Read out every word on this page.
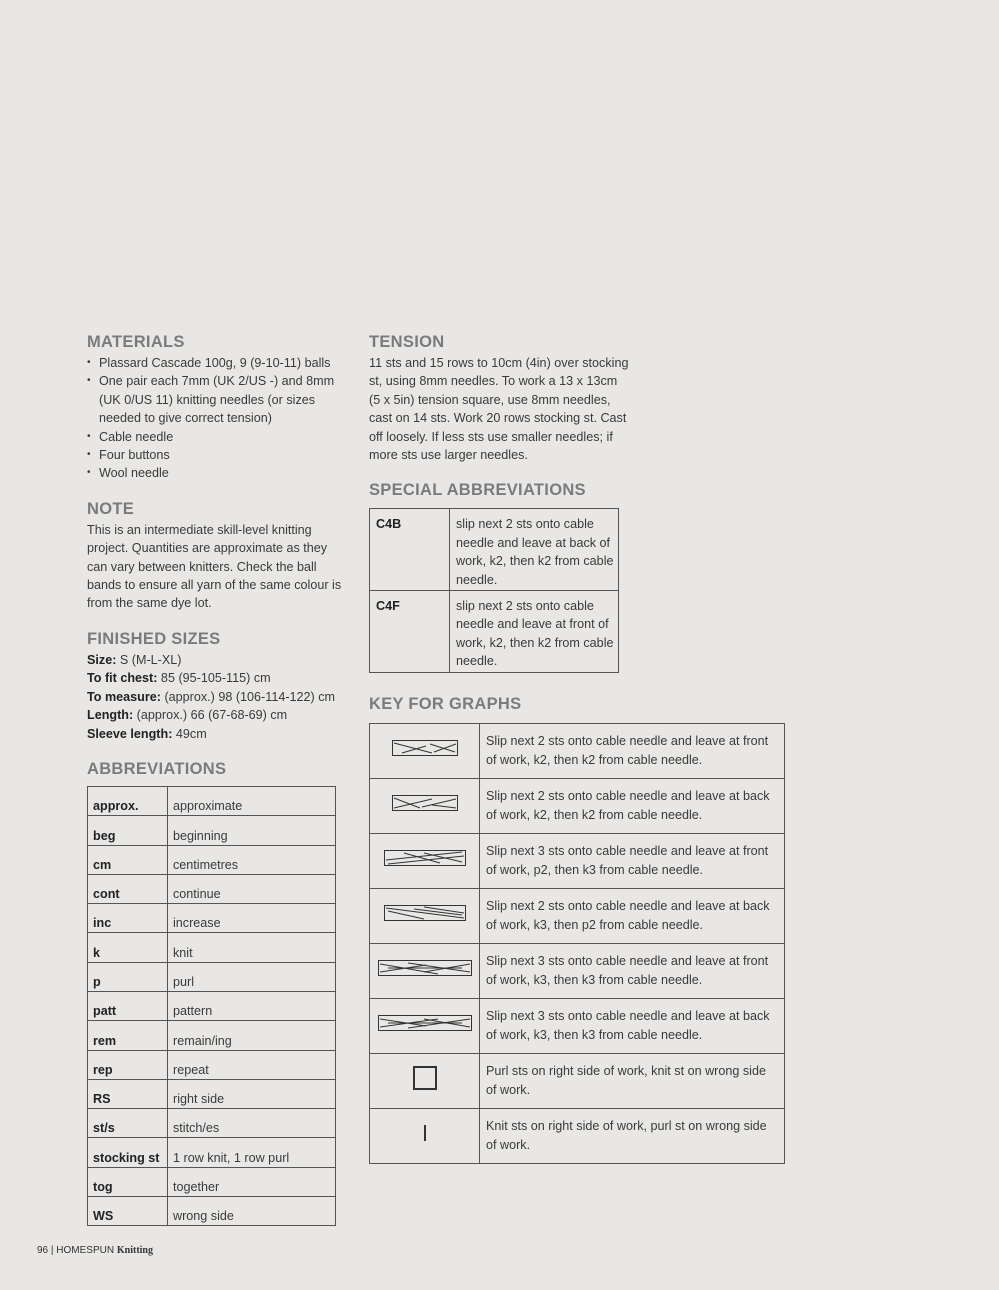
MATERIALS
• Plassard Cascade 100g, 9 (9-10-11) balls
• One pair each 7mm (UK 2/US -) and 8mm (UK 0/US 11) knitting needles (or sizes needed to give correct tension)
• Cable needle
• Four buttons
• Wool needle
NOTE
This is an intermediate skill-level knitting project. Quantities are approximate as they can vary between knitters. Check the ball bands to ensure all yarn of the same colour is from the same dye lot.
FINISHED SIZES
Size: S (M-L-XL)
To fit chest: 85 (95-105-115) cm
To measure: (approx.) 98 (106-114-122) cm
Length: (approx.) 66 (67-68-69) cm
Sleeve length: 49cm
ABBREVIATIONS
approx.	approximate
beg	beginning
cm	centimetres
cont	continue
inc	increase
k	knit
p	purl
patt	pattern
rem	remain/ing
rep	repeat
RS	right side
st/s	stitch/es
stocking st	1 row knit, 1 row purl
tog	together
WS	wrong side
TENSION
11 sts and 15 rows to 10cm (4in) over stocking st, using 8mm needles. To work a 13 x 13cm (5 x 5in) tension square, use 8mm needles, cast on 14 sts. Work 20 rows stocking st. Cast off loosely. If less sts use smaller needles; if more sts use larger needles.
SPECIAL ABBREVIATIONS
C4B	slip next 2 sts onto cable needle and leave at back of work, k2, then k2 from cable needle.
C4F	slip next 2 sts onto cable needle and leave at front of work, k2, then k2 from cable needle.
KEY FOR GRAPHS
	Slip next 2 sts onto cable needle and leave at front of work, k2, then k2 from cable needle.
	Slip next 2 sts onto cable needle and leave at back of work, k2, then k2 from cable needle.
	Slip next 3 sts onto cable needle and leave at front of work, p2, then k3 from cable needle.
	Slip next 2 sts onto cable needle and leave at back of work, k3, then p2 from cable needle.
	Slip next 3 sts onto cable needle and leave at front of work, k3, then k3 from cable needle.
	Slip next 3 sts onto cable needle and leave at back of work, k3, then k3 from cable needle.
	Purl sts on right side of work, knit st on wrong side of work.
	Knit sts on right side of work, purl st on wrong side of work.
96 | HOMESPUN Knitting
